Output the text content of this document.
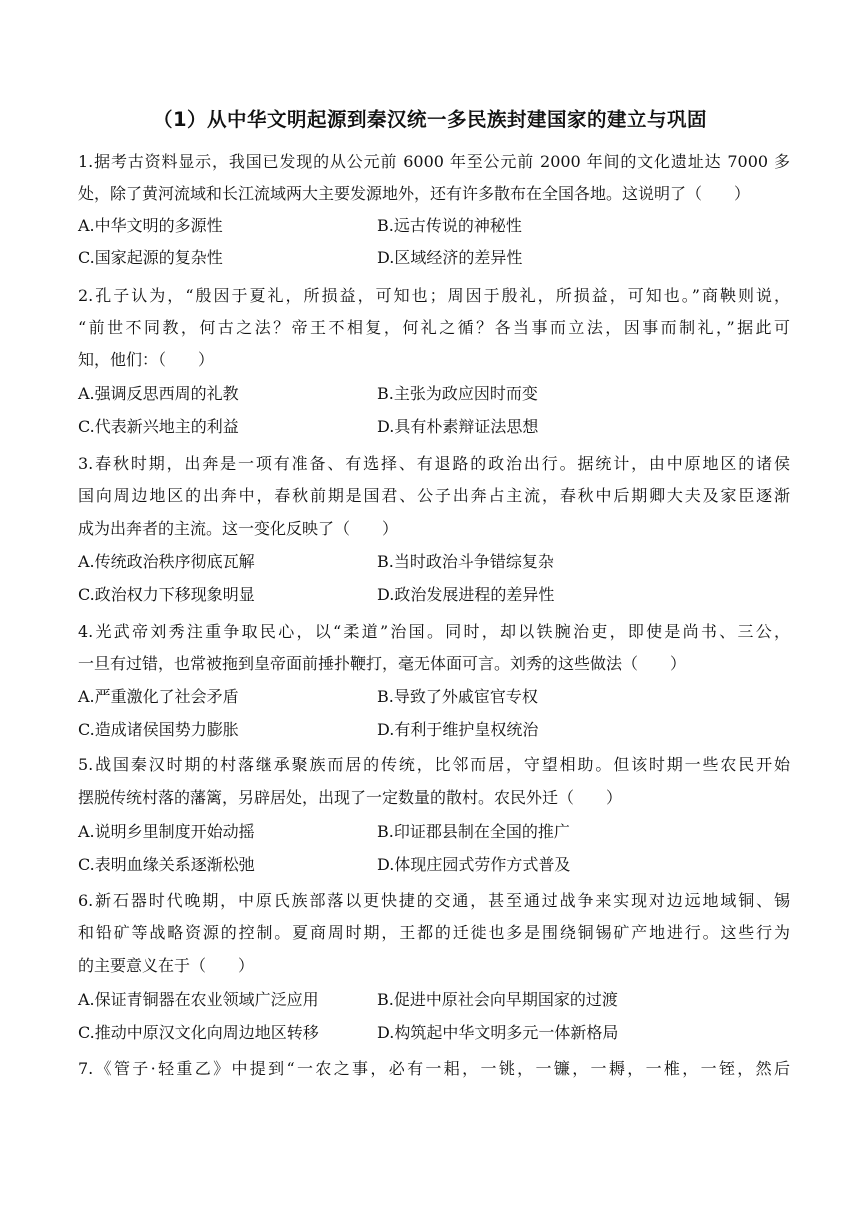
（1）从中华文明起源到秦汉统一多民族封建国家的建立与巩固
1.据考古资料显示，我国已发现的从公元前 6000 年至公元前 2000 年间的文化遗址达 7000 多
处，除了黄河流域和长江流域两大主要发源地外，还有许多散布在全国各地。这说明了（　　）
A.中华文明的多源性	B.远古传说的神秘性
C.国家起源的复杂性	D.区域经济的差异性
2.孔子认为，“殷因于夏礼，所损益，可知也；周因于殷礼，所损益，可知也。”商鞅则说，
“前世不同教，何古之法？帝王不相复，何礼之循？各当事而立法，因事而制礼，”据此可
知，他们：（　　）
A.强调反思西周的礼教	B.主张为政应因时而变
C.代表新兴地主的利益	D.具有朴素辩证法思想
3.春秋时期，出奔是一项有准备、有选择、有退路的政治出行。据统计，由中原地区的诸侯
国向周边地区的出奔中，春秋前期是国君、公子出奔占主流，春秋中后期卿大夫及家臣逐渐
成为出奔者的主流。这一变化反映了（　　）
A.传统政治秩序彻底瓦解	B.当时政治斗争错综复杂
C.政治权力下移现象明显	D.政治发展进程的差异性
4.光武帝刘秀注重争取民心，以“柔道”治国。同时，却以铁腕治吏，即使是尚书、三公，
一旦有过错，也常被拖到皇帝面前捶扑鞭打，毫无体面可言。刘秀的这些做法（　　）
A.严重激化了社会矛盾	B.导致了外戚宦官专权
C.造成诸侯国势力膨胀	D.有利于维护皇权统治
5.战国秦汉时期的村落继承聚族而居的传统，比邻而居，守望相助。但该时期一些农民开始
摆脱传统村落的藩篱，另辟居处，出现了一定数量的散村。农民外迁（　　）
A.说明乡里制度开始动摇	B.印证郡县制在全国的推广
C.表明血缘关系逐渐松弛	D.体现庄园式劳作方式普及
6.新石器时代晚期，中原氏族部落以更快捷的交通，甚至通过战争来实现对边远地域铜、锡
和铅矿等战略资源的控制。夏商周时期，王都的迁徙也多是围绕铜锡矿产地进行。这些行为
的主要意义在于（　　）
A.保证青铜器在农业领域广泛应用	B.促进中原社会向早期国家的过渡
C.推动中原汉文化向周边地区转移	D.构筑起中华文明多元一体新格局
7.《管子·轻重乙》中提到“一农之事，必有一耜，一铫，一镰，一耨，一椎，一铚，然后
